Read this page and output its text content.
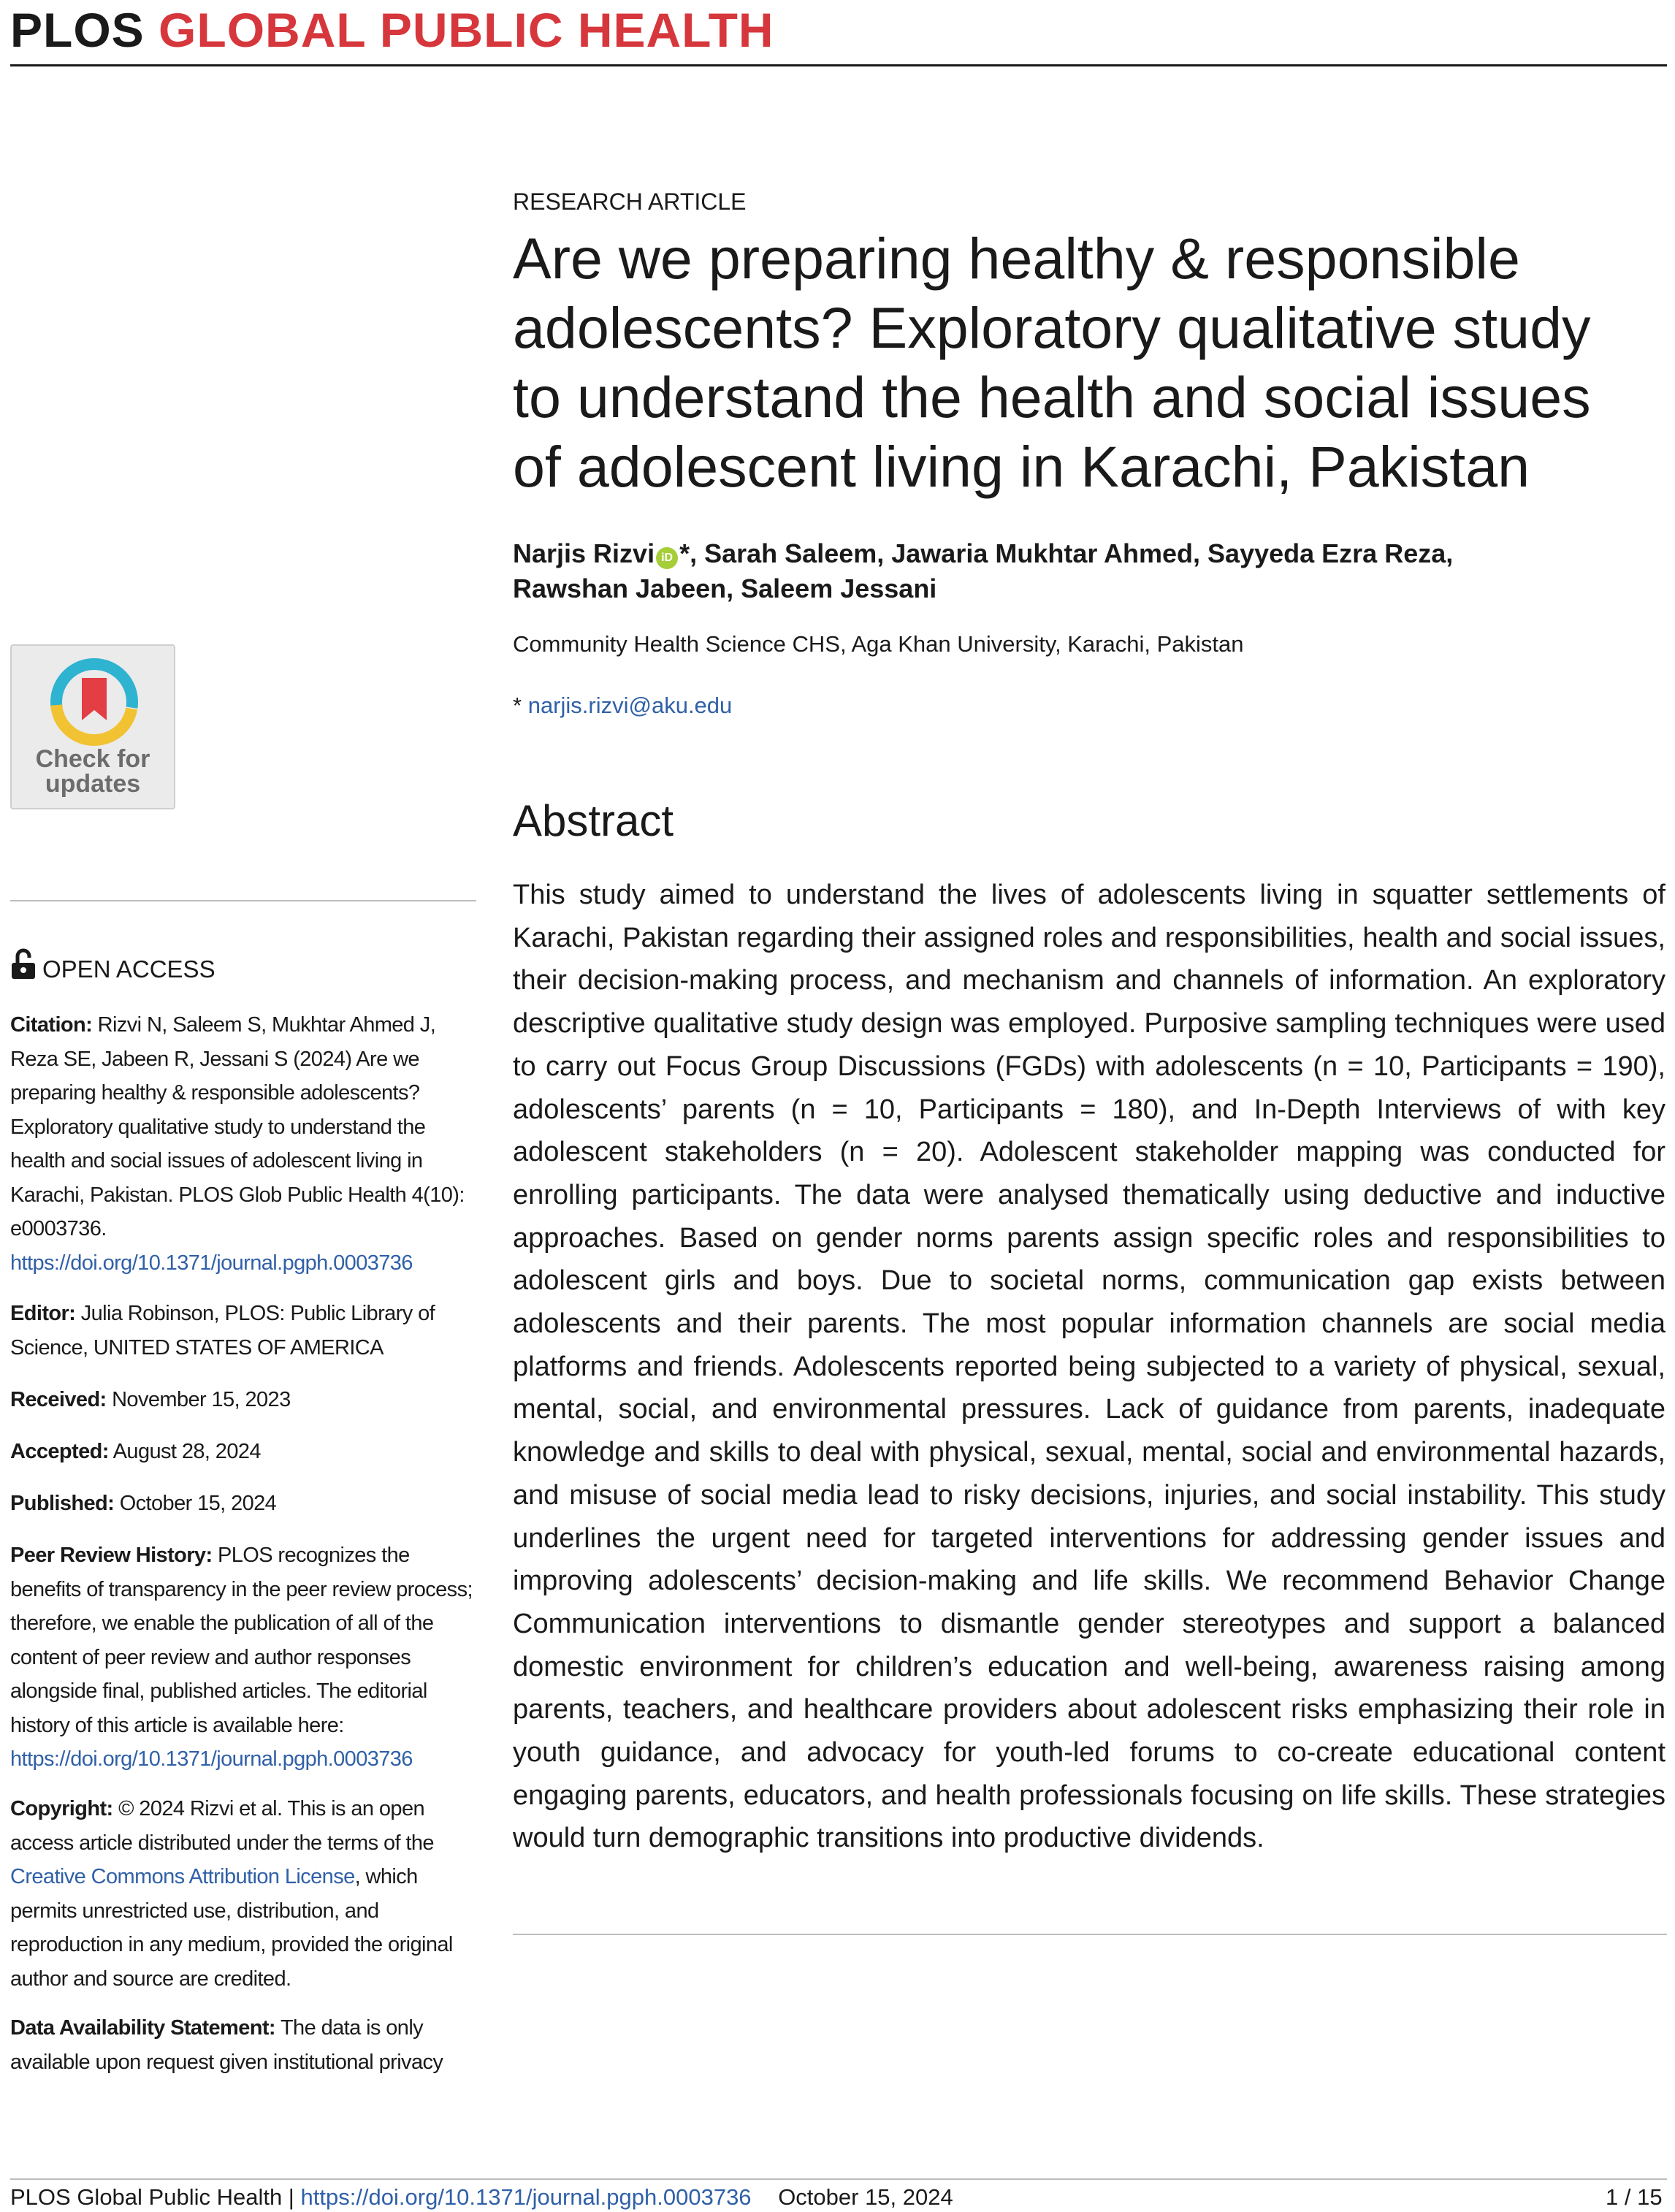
PLOS GLOBAL PUBLIC HEALTH
RESEARCH ARTICLE
Are we preparing healthy & responsible adolescents? Exploratory qualitative study to understand the health and social issues of adolescent living in Karachi, Pakistan
Narjis Rizvi iD *, Sarah Saleem, Jawaria Mukhtar Ahmed, Sayyeda Ezra Reza,
Rawshan Jabeen, Saleem Jessani
Community Health Science CHS, Aga Khan University, Karachi, Pakistan
* narjis.rizvi@aku.edu
Abstract
This study aimed to understand the lives of adolescents living in squatter settlements of Karachi, Pakistan regarding their assigned roles and responsibilities, health and social issues, their decision-making process, and mechanism and channels of information. An exploratory descriptive qualitative study design was employed. Purposive sampling techniques were used to carry out Focus Group Discussions (FGDs) with adolescents (n = 10, Participants = 190), adolescents’ parents (n = 10, Participants = 180), and In-Depth Interviews of with key adolescent stakeholders (n = 20). Adolescent stakeholder mapping was conducted for enrolling participants. The data were analysed thematically using deductive and inductive approaches. Based on gender norms parents assign specific roles and responsibilities to adolescent girls and boys. Due to societal norms, communication gap exists between adolescents and their parents. The most popular information channels are social media platforms and friends. Adolescents reported being subjected to a variety of physical, sexual, mental, social, and environmental pressures. Lack of guidance from parents, inadequate knowledge and skills to deal with physical, sexual, mental, social and environmental hazards, and misuse of social media lead to risky decisions, injuries, and social instability. This study underlines the urgent need for targeted interventions for addressing gender issues and improving adolescents’ decision-making and life skills. We recommend Behavior Change Communication interventions to dismantle gender stereotypes and support a balanced domestic environment for children’s education and well-being, awareness raising among parents, teachers, and healthcare providers about adolescent risks emphasizing their role in youth guidance, and advocacy for youth-led forums to co-create educational content engaging parents, educators, and health professionals focusing on life skills. These strategies would turn demographic transitions into productive dividends.
Check for
updates
OPEN ACCESS
Citation: Rizvi N, Saleem S, Mukhtar Ahmed J, Reza SE, Jabeen R, Jessani S (2024) Are we preparing healthy & responsible adolescents? Exploratory qualitative study to understand the health and social issues of adolescent living in Karachi, Pakistan. PLOS Glob Public Health 4(10): e0003736. https://doi.org/10.1371/journal.pgph.0003736
Editor: Julia Robinson, PLOS: Public Library of Science, UNITED STATES OF AMERICA
Received: November 15, 2023
Accepted: August 28, 2024
Published: October 15, 2024
Peer Review History: PLOS recognizes the benefits of transparency in the peer review process; therefore, we enable the publication of all of the content of peer review and author responses alongside final, published articles. The editorial history of this article is available here: https://doi.org/10.1371/journal.pgph.0003736
Copyright: © 2024 Rizvi et al. This is an open access article distributed under the terms of the Creative Commons Attribution License, which permits unrestricted use, distribution, and reproduction in any medium, provided the original author and source are credited.
Data Availability Statement: The data is only available upon request given institutional privacy
PLOS Global Public Health | https://doi.org/10.1371/journal.pgph.0003736 October 15, 2024	1 / 15
